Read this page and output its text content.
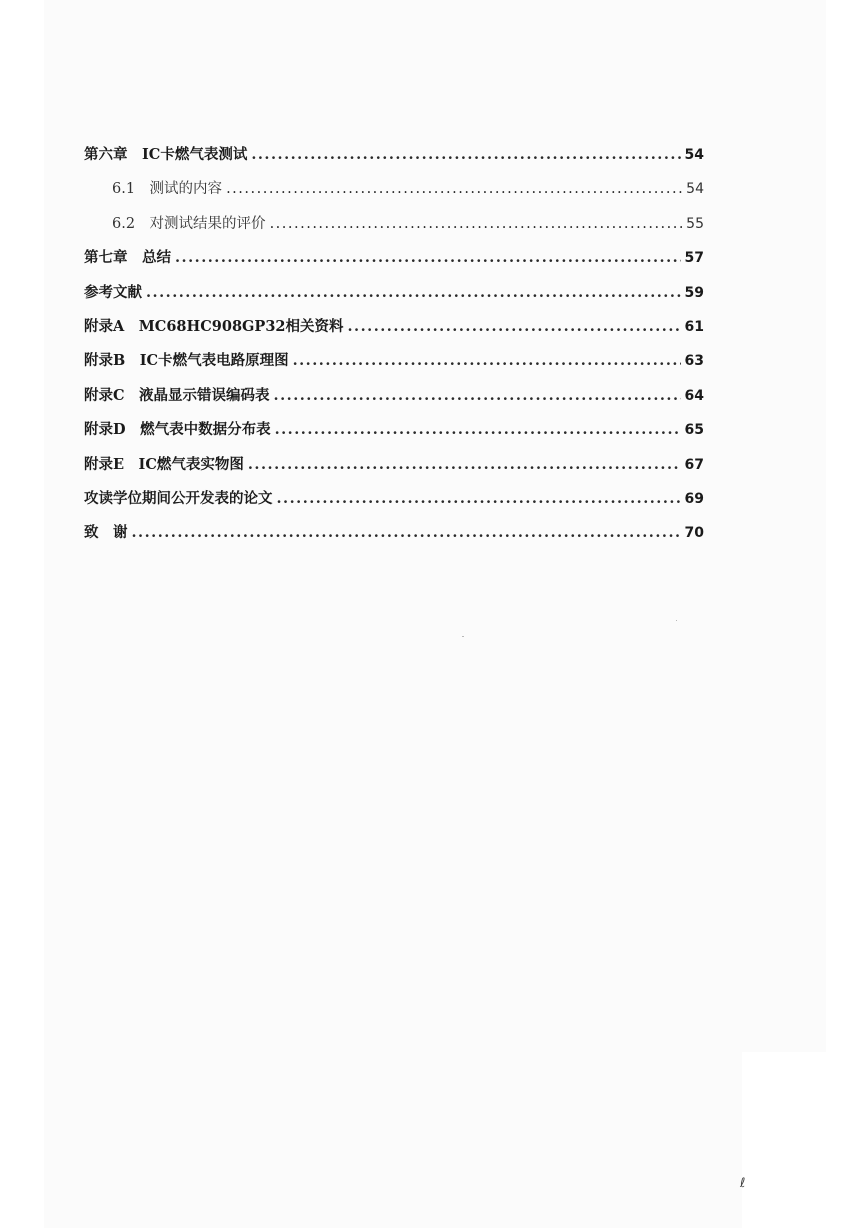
第六章　IC卡燃气表测试 .....	54
6.1　测试的内容 .....	54
6.2　对测试结果的评价 .....	55
第七章　总结 .....	57
参考文献 .....	59
附录A　MC68HC908GP32相关资料 .....	61
附录B　IC卡燃气表电路原理图 .....	63
附录C　液晶显示错误编码表 .....	64
附录D　燃气表中数据分布表 .....	65
附录E　IC燃气表实物图 .....	67
攻读学位期间公开发表的论文 .....	69
致　谢 .....	70
ℓ
